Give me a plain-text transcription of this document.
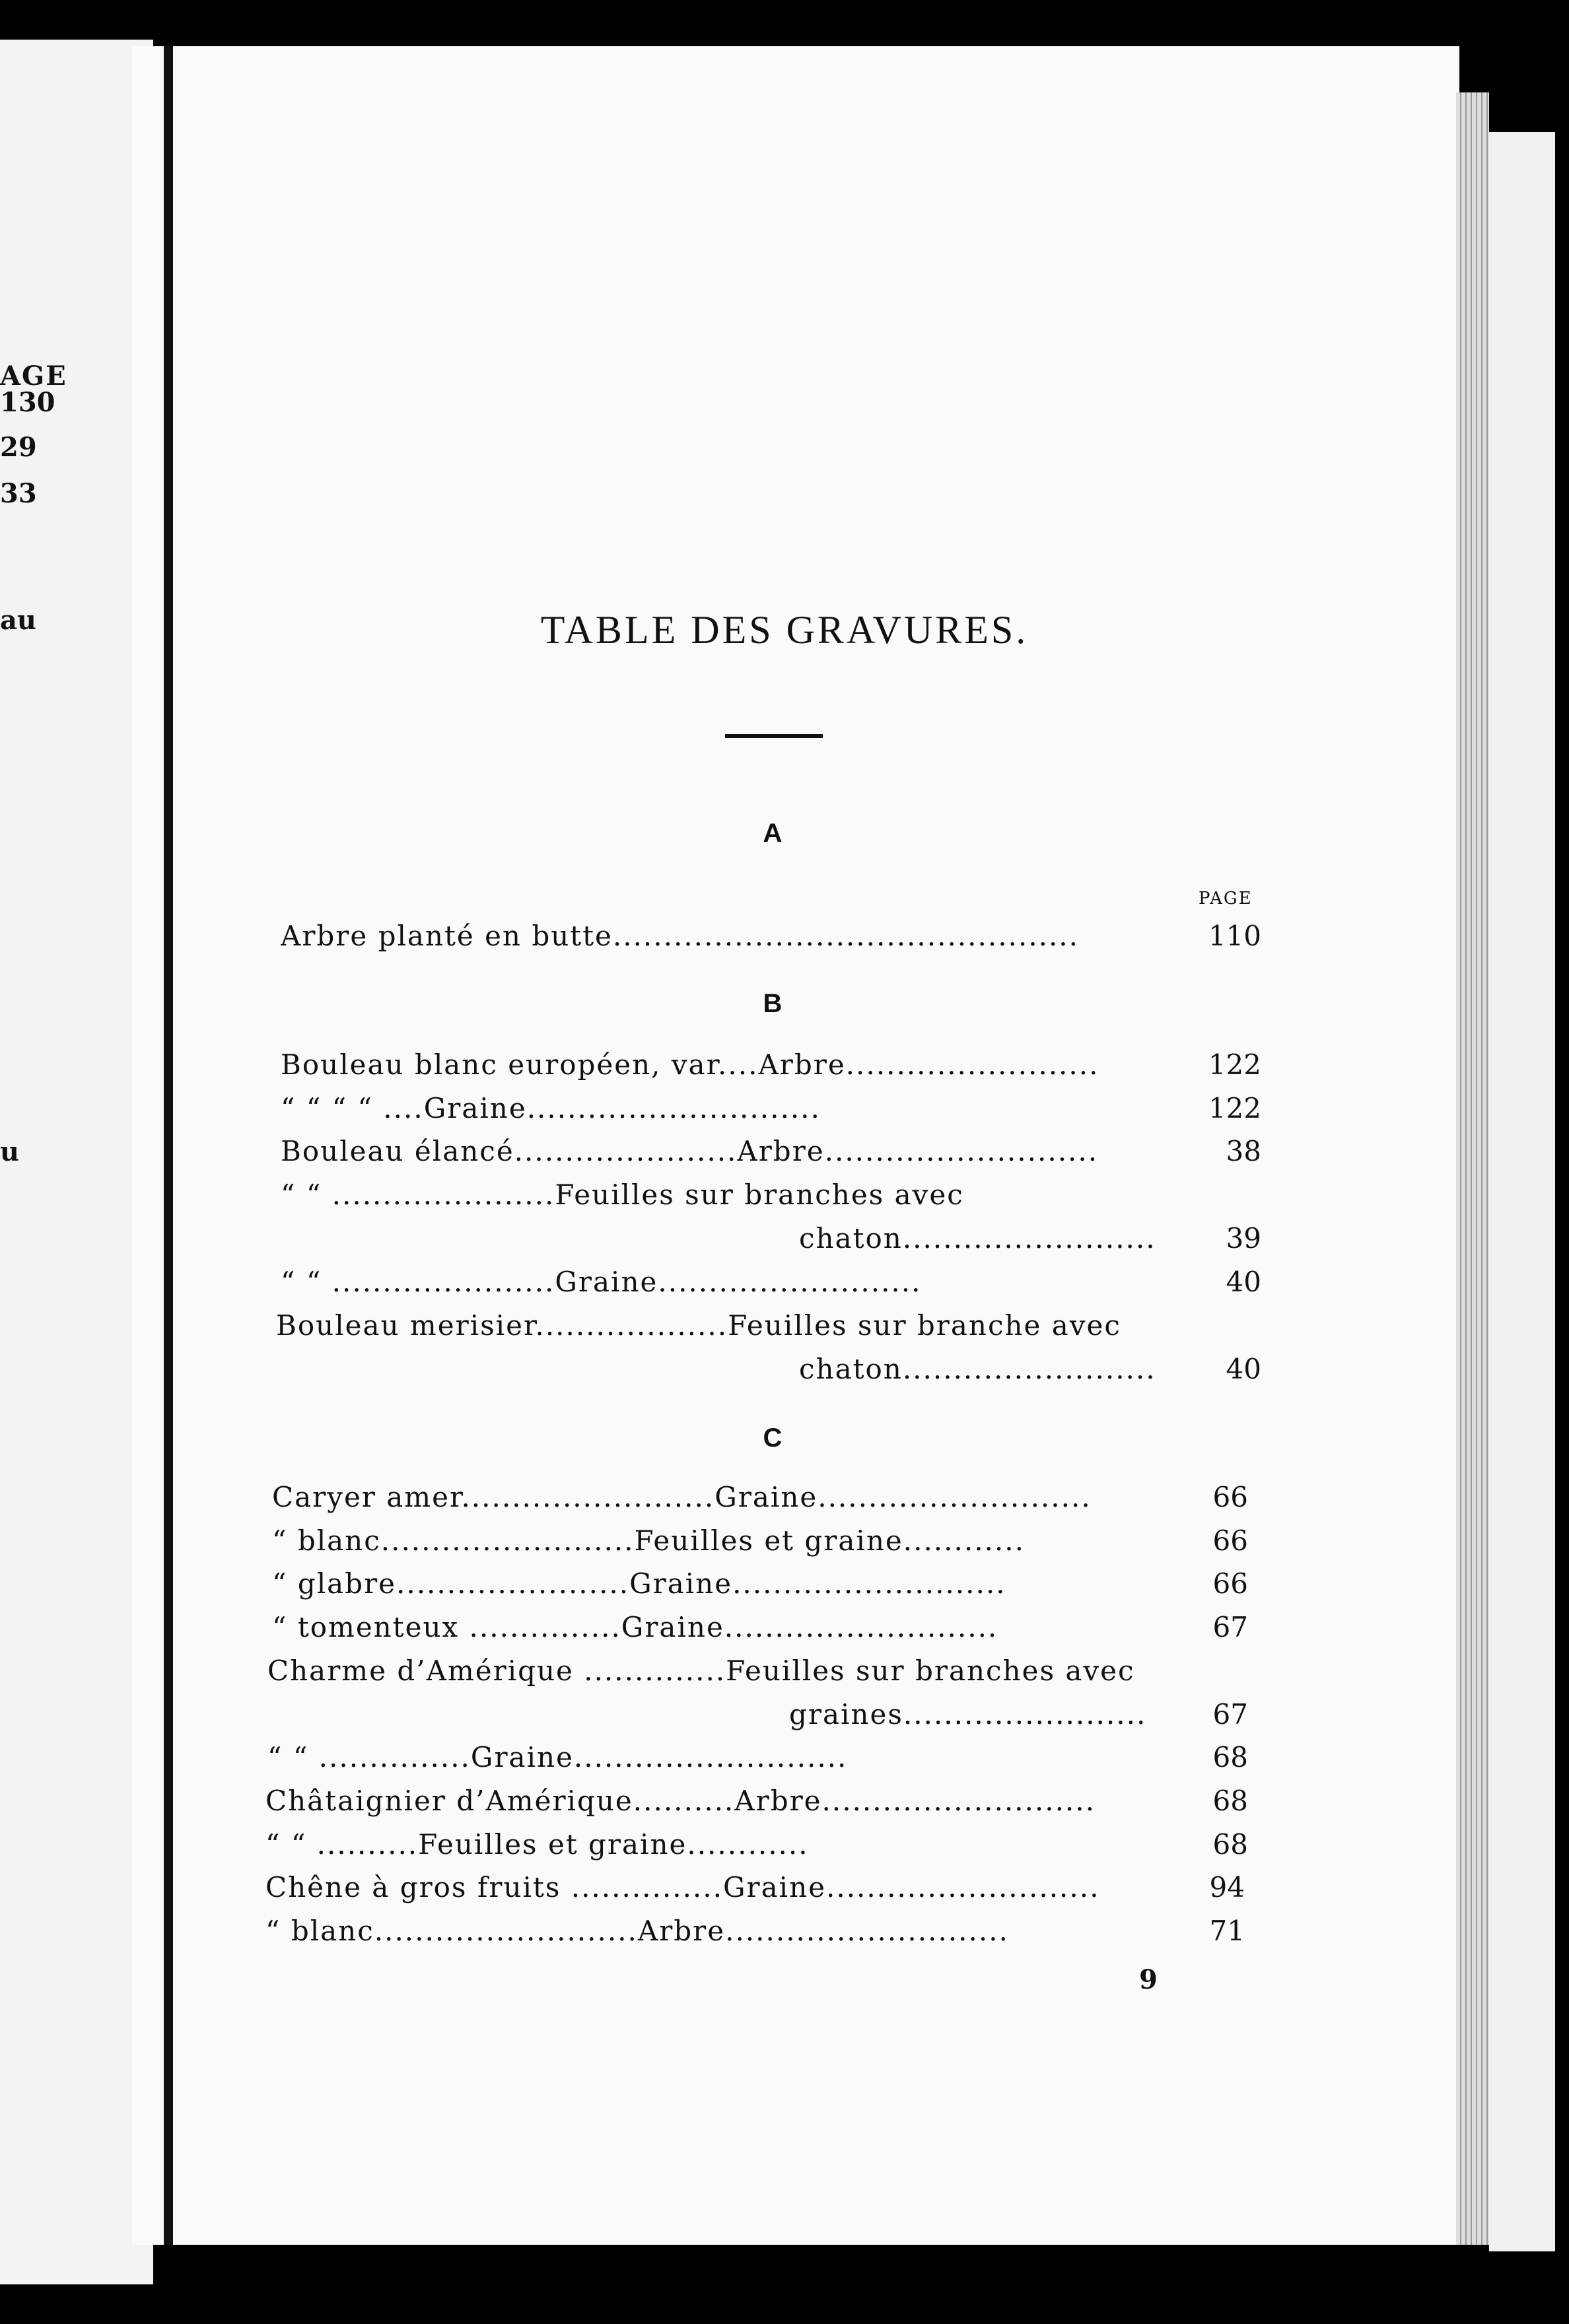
AGE
130
29
33
au
u
TABLE DES GRAVURES.
A
B
C
PAGE
Arbre planté en butte..............................................	110
Bouleau blanc européen, var....Arbre.........................	122
“ “ “ “ ....Graine.............................	122
Bouleau élancé......................Arbre...........................	38
“ “ ......................Feuilles sur branches avec
chaton.........................	39
“ “ ......................Graine..........................	40
Bouleau merisier...................Feuilles sur branche avec
chaton.........................	40
Caryer amer.........................Graine...........................	66
“ blanc.........................Feuilles et graine............	66
“ glabre.......................Graine...........................	66
“ tomenteux ...............Graine...........................	67
Charme d’Amérique ..............Feuilles sur branches avec
graines........................	67
“ “ ...............Graine...........................	68
Châtaignier d’Amérique..........Arbre...........................	68
“ “ ..........Feuilles et graine............	68
Chêne à gros fruits ...............Graine...........................	94
“ blanc..........................Arbre............................	71
9
